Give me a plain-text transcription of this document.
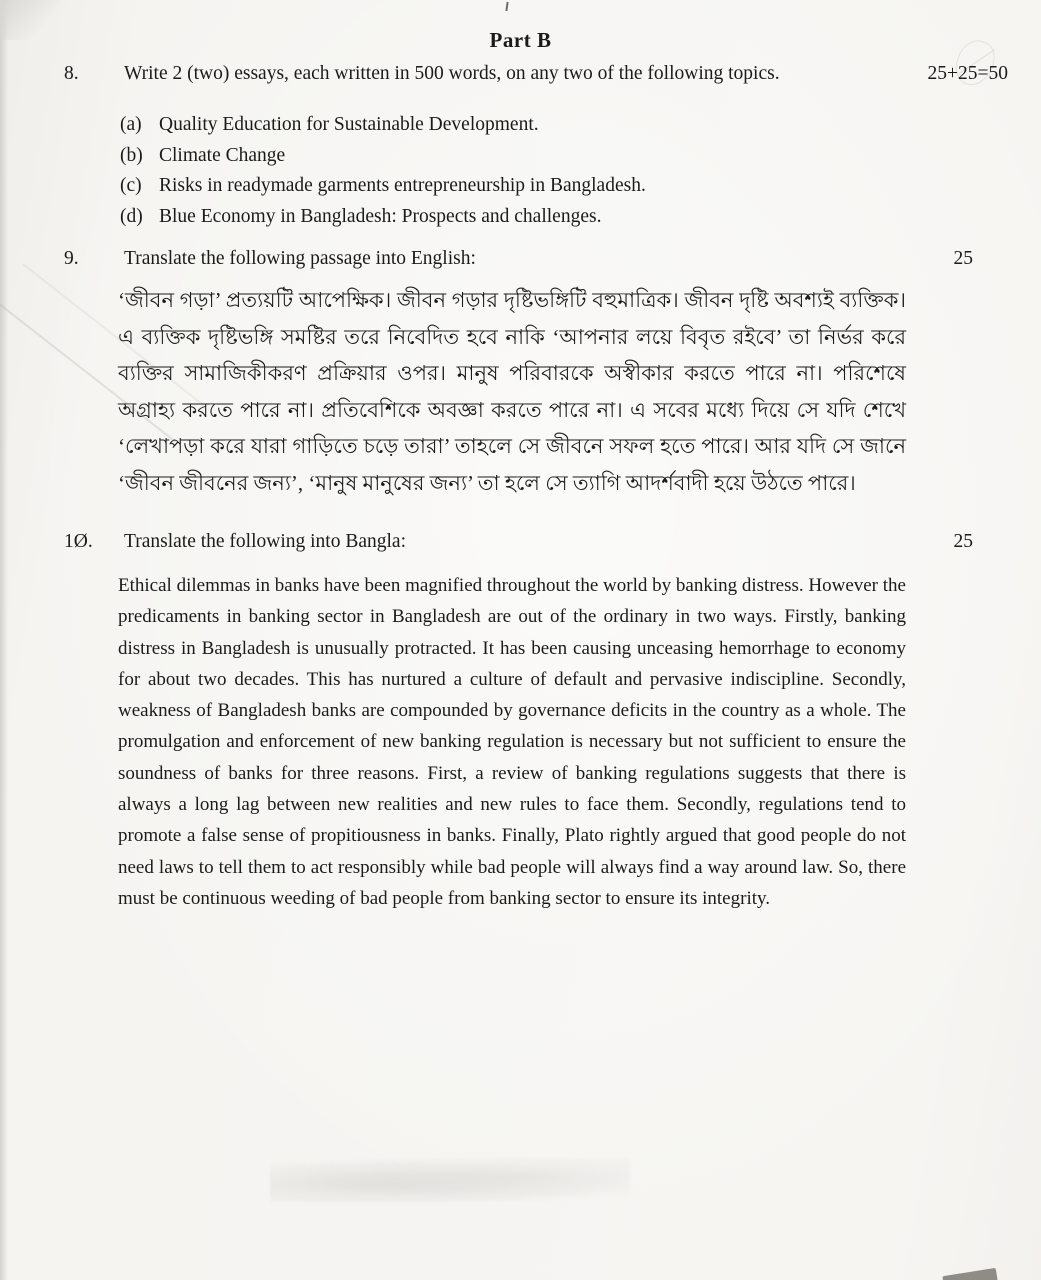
Part B
8.	Write 2 (two) essays, each written in 500 words, on any two of the following topics.	25+25=50
(a) Quality Education for Sustainable Development.
(b) Climate Change
(c) Risks in readymade garments entrepreneurship in Bangladesh.
(d) Blue Economy in Bangladesh: Prospects and challenges.
9.	Translate the following passage into English:	25

‘জীবন গড়া’ প্রত্যয়টি আপেক্ষিক। জীবন গড়ার দৃষ্টিভঙ্গিটি বহুমাত্রিক। জীবন দৃষ্টি অবশ্যই ব্যক্তিক। এ ব্যক্তিক দৃষ্টিভঙ্গি সমষ্টির তরে নিবেদিত হবে নাকি ‘আপনার লয়ে বিবৃত রইবে’ তা নির্ভর করে ব্যক্তির সামাজিকীকরণ প্রক্রিয়ার ওপর। মানুষ পরিবারকে অস্বীকার করতে পারে না। পরিশেষে অগ্রাহ্য করতে পারে না। প্রতিবেশিকে অবজ্ঞা করতে পারে না। এ সবের মধ্যে দিয়ে সে যদি শেখে ‘লেখাপড়া করে যারা গাড়িতে চড়ে তারা’ তাহলে সে জীবনে সফল হতে পারে। আর যদি সে জানে ‘জীবন জীবনের জন্য’, ‘মানুষ মানুষের জন্য’ তা হলে সে ত্যাগি আদর্শবাদী হয়ে উঠতে পারে।

1Ø.	Translate the following into Bangla:	25

Ethical dilemmas in banks have been magnified throughout the world by banking distress. However the predicaments in banking sector in Bangladesh are out of the ordinary in two ways. Firstly, banking distress in Bangladesh is unusually protracted. It has been causing unceasing hemorrhage to economy for about two decades. This has nurtured a culture of default and pervasive indiscipline. Secondly, weakness of Bangladesh banks are compounded by governance deficits in the country as a whole. The promulgation and enforcement of new banking regulation is necessary but not sufficient to ensure the soundness of banks for three reasons. First, a review of banking regulations suggests that there is always a long lag between new realities and new rules to face them. Secondly, regulations tend to promote a false sense of propitiousness in banks. Finally, Plato rightly argued that good people do not need laws to tell them to act responsibly while bad people will always find a way around law. So, there must be continuous weeding of bad people from banking sector to ensure its integrity.
